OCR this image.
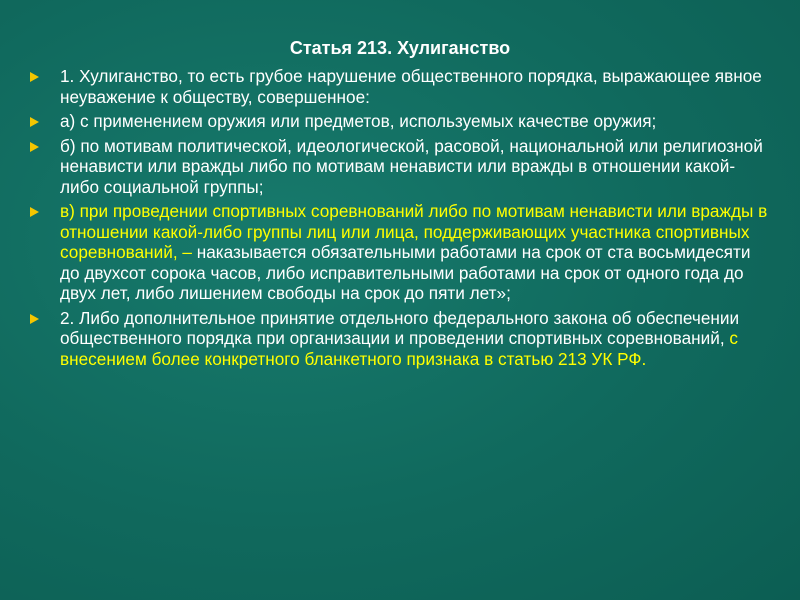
Статья 213. Хулиганство
1. Хулиганство, то есть грубое нарушение общественного порядка, выражающее явное неуважение к обществу, совершенное:
а) с применением оружия или предметов, используемых качестве оружия;
б) по мотивам политической, идеологической, расовой, национальной или религиозной ненависти или вражды либо по мотивам ненависти или вражды в отношении какой-либо социальной группы;
в) при проведении спортивных соревнований либо по мотивам ненависти или вражды в отношении какой-либо группы лиц или лица, поддерживающих участника спортивных соревнований, – наказывается обязательными работами на срок от ста восьмидесяти до двухсот сорока часов, либо исправительными работами на срок от одного года до двух лет, либо лишением свободы на срок до пяти лет»;
2. Либо дополнительное принятие отдельного федерального закона об обеспечении общественного порядка при организации и проведении спортивных соревнований, с внесением более конкретного бланкетного признака в статью 213 УК РФ.
